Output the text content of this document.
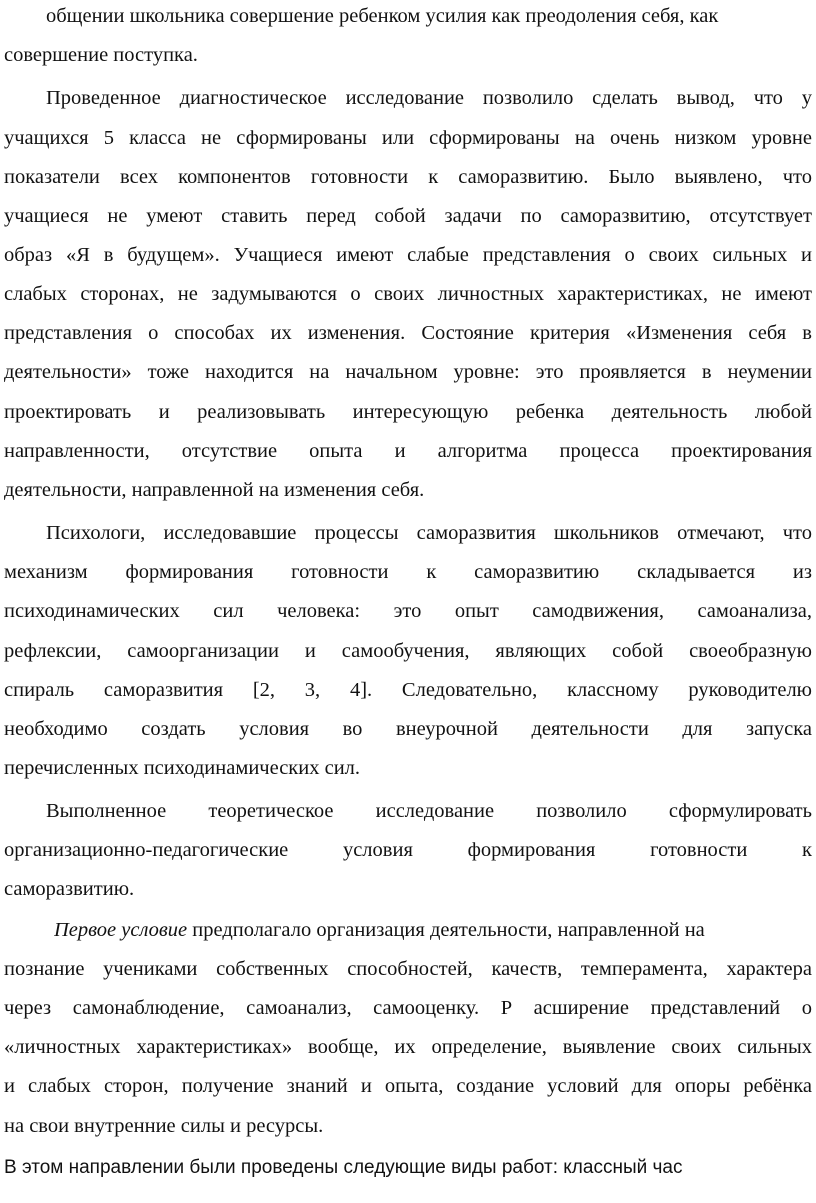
общении школьника совершение ребенком усилия как преодоления себя, как
совершение поступка.
Проведенное диагностическое исследование позволило сделать вывод, что у
учащихся 5 класса не сформированы или сформированы на очень низком уровне
показатели всех компонентов готовности к саморазвитию. Было выявлено, что
учащиеся не умеют ставить перед собой задачи по саморазвитию, отсутствует
образ «Я в будущем». Учащиеся имеют слабые представления о своих сильных и
слабых сторонах, не задумываются о своих личностных характеристиках, не имеют
представления о способах их изменения. Состояние критерия «Изменения себя в
деятельности» тоже находится на начальном уровне: это проявляется в неумении
проектировать и реализовывать интересующую ребенка деятельность любой
направленности, отсутствие опыта и алгоритма процесса проектирования
деятельности, направленной на изменения себя.
Психологи, исследовавшие процессы саморазвития школьников отмечают, что
механизм формирования готовности к саморазвитию складывается из
психодинамических сил человека: это опыт самодвижения, самоанализа,
рефлексии, самоорганизации и самообучения, являющих собой своеобразную
спираль саморазвития [2, 3, 4]. Следовательно, классному руководителю
необходимо создать условия во внеурочной деятельности для запуска
перечисленных психодинамических сил.
Выполненное теоретическое исследование позволило сформулировать
организационно-педагогические условия формирования готовности к
саморазвитию.
Первое условие предполагало организация деятельности, направленной на
познание учениками собственных способностей, качеств, темперамента, характера
через самонаблюдение, самоанализ, самооценку. Р асширение представлений о
«личностных характеристиках» вообще, их определение, выявление своих сильных
и слабых сторон, получение знаний и опыта, создание условий для опоры ребёнка
на свои внутренние силы и ресурсы.
В этом направлении были проведены следующие виды работ: классный час
